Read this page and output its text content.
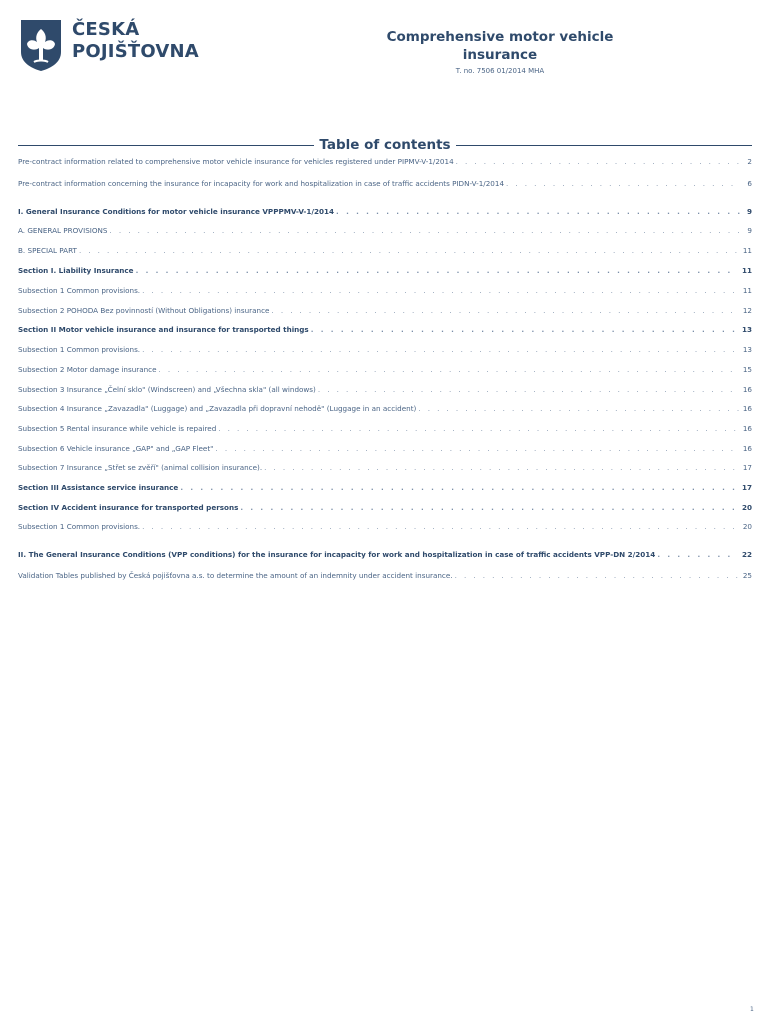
ČESKÁ
POJIŠŤOVNA
Comprehensive motor vehicle
insurance
T. no. 7506 01/2014 MHA
Table of contents
Pre-contract information related to comprehensive motor vehicle insurance for vehicles registered under PIPMV-V-1/2014 . . .	2
Pre-contract information concerning the insurance for incapacity for work and hospitalization in case of traffic accidents PIDN-V-1/2014 . . .	6
I. General Insurance Conditions for motor vehicle insurance VPPPMV-V-1/2014 . . .	9
A. GENERAL PROVISIONS . . .	9
B. SPECIAL PART . . .	11
Section I. Liability Insurance . . .	11
Subsection 1 Common provisions. . . .	11
Subsection 2 POHODA Bez povinností (Without Obligations) insurance . . .	12
Section II Motor vehicle insurance and insurance for transported things . . .	13
Subsection 1 Common provisions. . . .	13
Subsection 2 Motor damage insurance . . .	15
Subsection 3 Insurance „Čelní sklo" (Windscreen) and „Všechna skla" (all windows) . . .	16
Subsection 4 Insurance „Zavazadla" (Luggage) and „Zavazadla při dopravní nehodě" (Luggage in an accident) . . .	16
Subsection 5 Rental insurance while vehicle is repaired . . .	16
Subsection 6 Vehicle insurance „GAP" and „GAP Fleet" . . .	16
Subsection 7 Insurance „Střet se zvěří" (animal collision insurance). . . .	17
Section III Assistance service insurance . . .	17
Section IV Accident insurance for transported persons . . .	20
Subsection 1 Common provisions. . . .	20
II. The General Insurance Conditions (VPP conditions) for the insurance for incapacity for work and hospitalization in case of traffic accidents VPP-DN 2/2014 . . .	22
Validation Tables published by Česká pojišťovna a.s. to determine the amount of an indemnity under accident insurance. . . .	25
1
